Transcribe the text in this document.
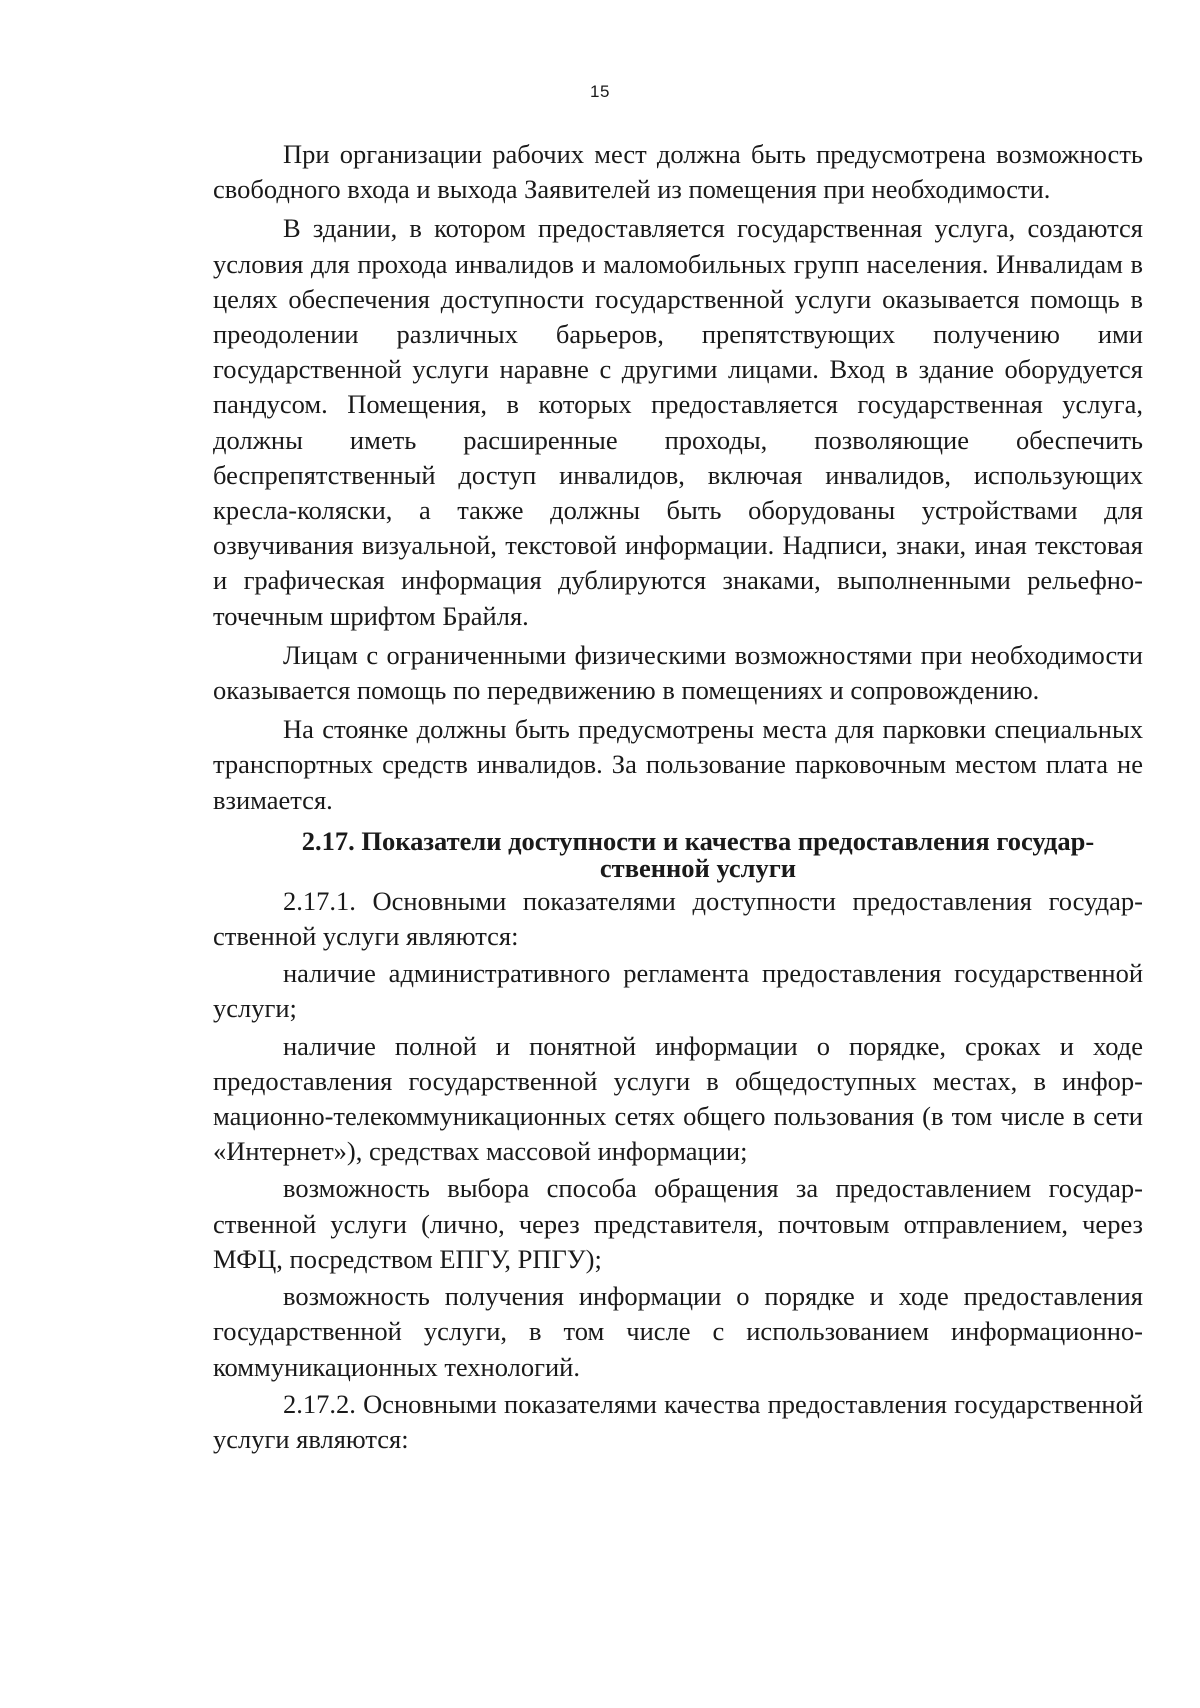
15

При организации рабочих мест должна быть предусмотрена возможность свободного входа и выхода Заявителей из помещения при необходимости.

В здании, в котором предоставляется государственная услуга, создаются условия для прохода инвалидов и маломобильных групп населения. Инвалидам в целях обеспечения доступности государственной услуги оказывается помощь в преодолении различных барьеров, препятствующих получению ими государственной услуги наравне с другими лицами. Вход в здание оборудуется пандусом. Помещения, в которых предоставляется государственная услуга, должны иметь расширенные проходы, позволяющие обеспечить беспрепятственный доступ инвалидов, включая инвалидов, использующих кресла-коляски, а также должны быть оборудованы устройствами для озвучивания визуальной, текстовой информации. Надписи, знаки, иная текстовая и графическая информация дублируются знаками, выполненными рельефно-точечным шрифтом Брайля.

Лицам с ограниченными физическими возможностями при необходимости оказывается помощь по передвижению в помещениях и сопровождению.

На стоянке должны быть предусмотрены места для парковки специальных транспортных средств инвалидов. За пользование парковочным местом плата не взимается.

2.17. Показатели доступности и качества предоставления государственной услуги

2.17.1. Основными показателями доступности предоставления государственной услуги являются:

наличие административного регламента предоставления государственной услуги;

наличие полной и понятной информации о порядке, сроках и ходе предоставления государственной услуги в общедоступных местах, в информационно-телекоммуникационных сетях общего пользования (в том числе в сети «Интернет»), средствах массовой информации;

возможность выбора способа обращения за предоставлением государственной услуги (лично, через представителя, почтовым отправлением, через МФЦ, посредством ЕПГУ, РПГУ);

возможность получения информации о порядке и ходе предоставления государственной услуги, в том числе с использованием информационно-коммуникационных технологий.

2.17.2. Основными показателями качества предоставления государственной услуги являются:
